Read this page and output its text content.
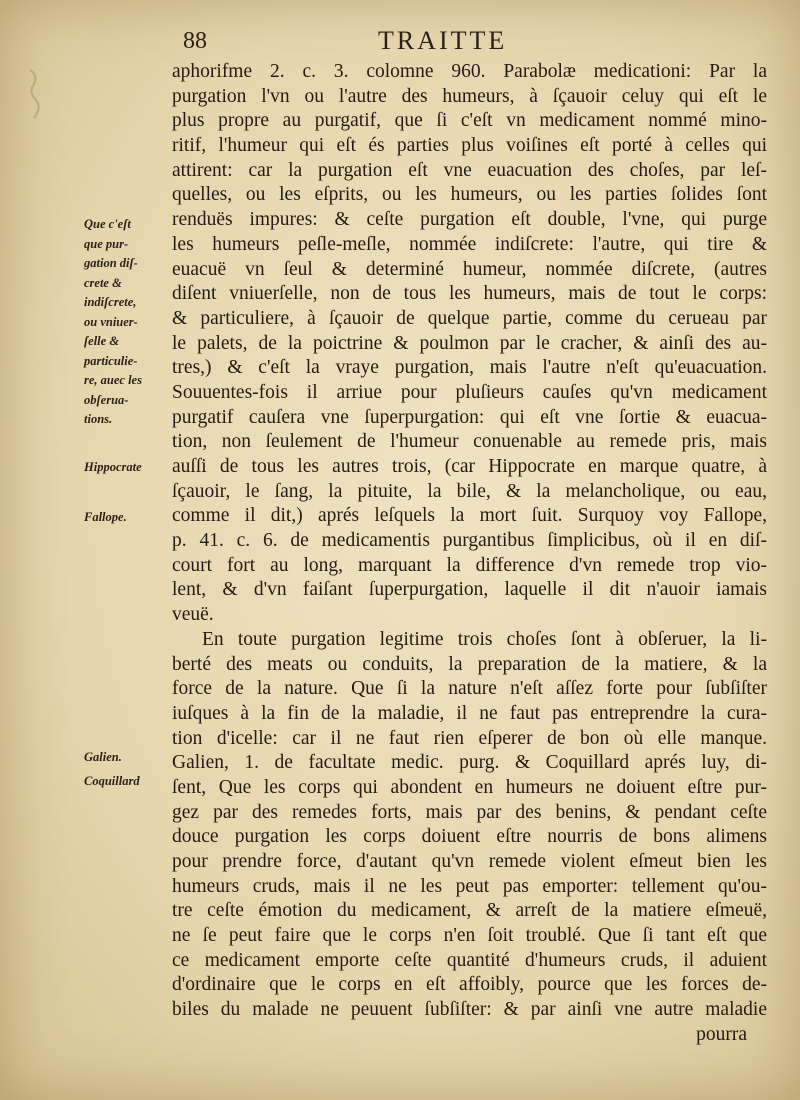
88	TRAITTE
aphorifme 2. c. 3. colomne 960. Parabolæ medicationi: Par la
purgation l'vn ou l'autre des humeurs, à ſçauoir celuy qui eſt le
plus propre au purgatif, que ſi c'eſt vn medicament nommé mino-
ritif, l'humeur qui eſt és parties plus voiſines eſt porté à celles qui
attirent: car la purgation eſt vne euacuation des choſes, par leſ-
quelles, ou les eſprits, ou les humeurs, ou les parties ſolides ſont
renduës impures: & ceſte purgation eſt double, l'vne, qui purge
les humeurs peſle-meſle, nommée indiſcrete: l'autre, qui tire &
euacuë vn ſeul & determiné humeur, nommée diſcrete, (autres
diſent vniuerſelle, non de tous les humeurs, mais de tout le corps:
& particuliere, à ſçauoir de quelque partie, comme du cerueau par
le palets, de la poictrine & poulmon par le cracher, & ainſi des au-
tres,) & c'eſt la vraye purgation, mais l'autre n'eſt qu'euacuation.
Souuentes-fois il arriue pour pluſieurs cauſes qu'vn medicament
purgatif cauſera vne ſuperpurgation: qui eſt vne ſortie & euacua-
tion, non ſeulement de l'humeur conuenable au remede pris, mais
auſſi de tous les autres trois, (car Hippocrate en marque quatre, à
ſçauoir, le ſang, la pituite, la bile, & la melancholique, ou eau,
comme il dit,) aprés leſquels la mort ſuit. Surquoy voy Fallope,
p. 41. c. 6. de medicamentis purgantibus ſimplicibus, où il en diſ-
court fort au long, marquant la difference d'vn remede trop vio-
lent, & d'vn faiſant ſuperpurgation, laquelle il dit n'auoir iamais
veuë.
En toute purgation legitime trois choſes ſont à obſeruer, la li-
berté des meats ou conduits, la preparation de la matiere, & la
force de la nature. Que ſi la nature n'eſt aſſez forte pour ſubſiſter
iuſques à la fin de la maladie, il ne faut pas entreprendre la cura-
tion d'icelle: car il ne faut rien eſperer de bon où elle manque.
Galien, 1. de facultate medic. purg. & Coquillard aprés luy, di-
ſent, Que les corps qui abondent en humeurs ne doiuent eſtre pur-
gez par des remedes forts, mais par des benins, & pendant ceſte
douce purgation les corps doiuent eſtre nourris de bons alimens
pour prendre force, d'autant qu'vn remede violent eſmeut bien les
humeurs cruds, mais il ne les peut pas emporter: tellement qu'ou-
tre ceſte émotion du medicament, & arreſt de la matiere eſmeuë,
ne ſe peut faire que le corps n'en ſoit troublé. Que ſi tant eſt que
ce medicament emporte ceſte quantité d'humeurs cruds, il aduient
d'ordinaire que le corps en eſt affoibly, pource que les forces de-
biles du malade ne peuuent ſubſiſter: & par ainſi vne autre maladie
pourra
Que c'eſt
que pur-
gation diſ-
crete &
indiſcrete,
ou vniuer-
ſelle &
particulie-
re, auec les
obſerua-
tions.
Hippocrate
Fallope.
Galien.
Coquillard
